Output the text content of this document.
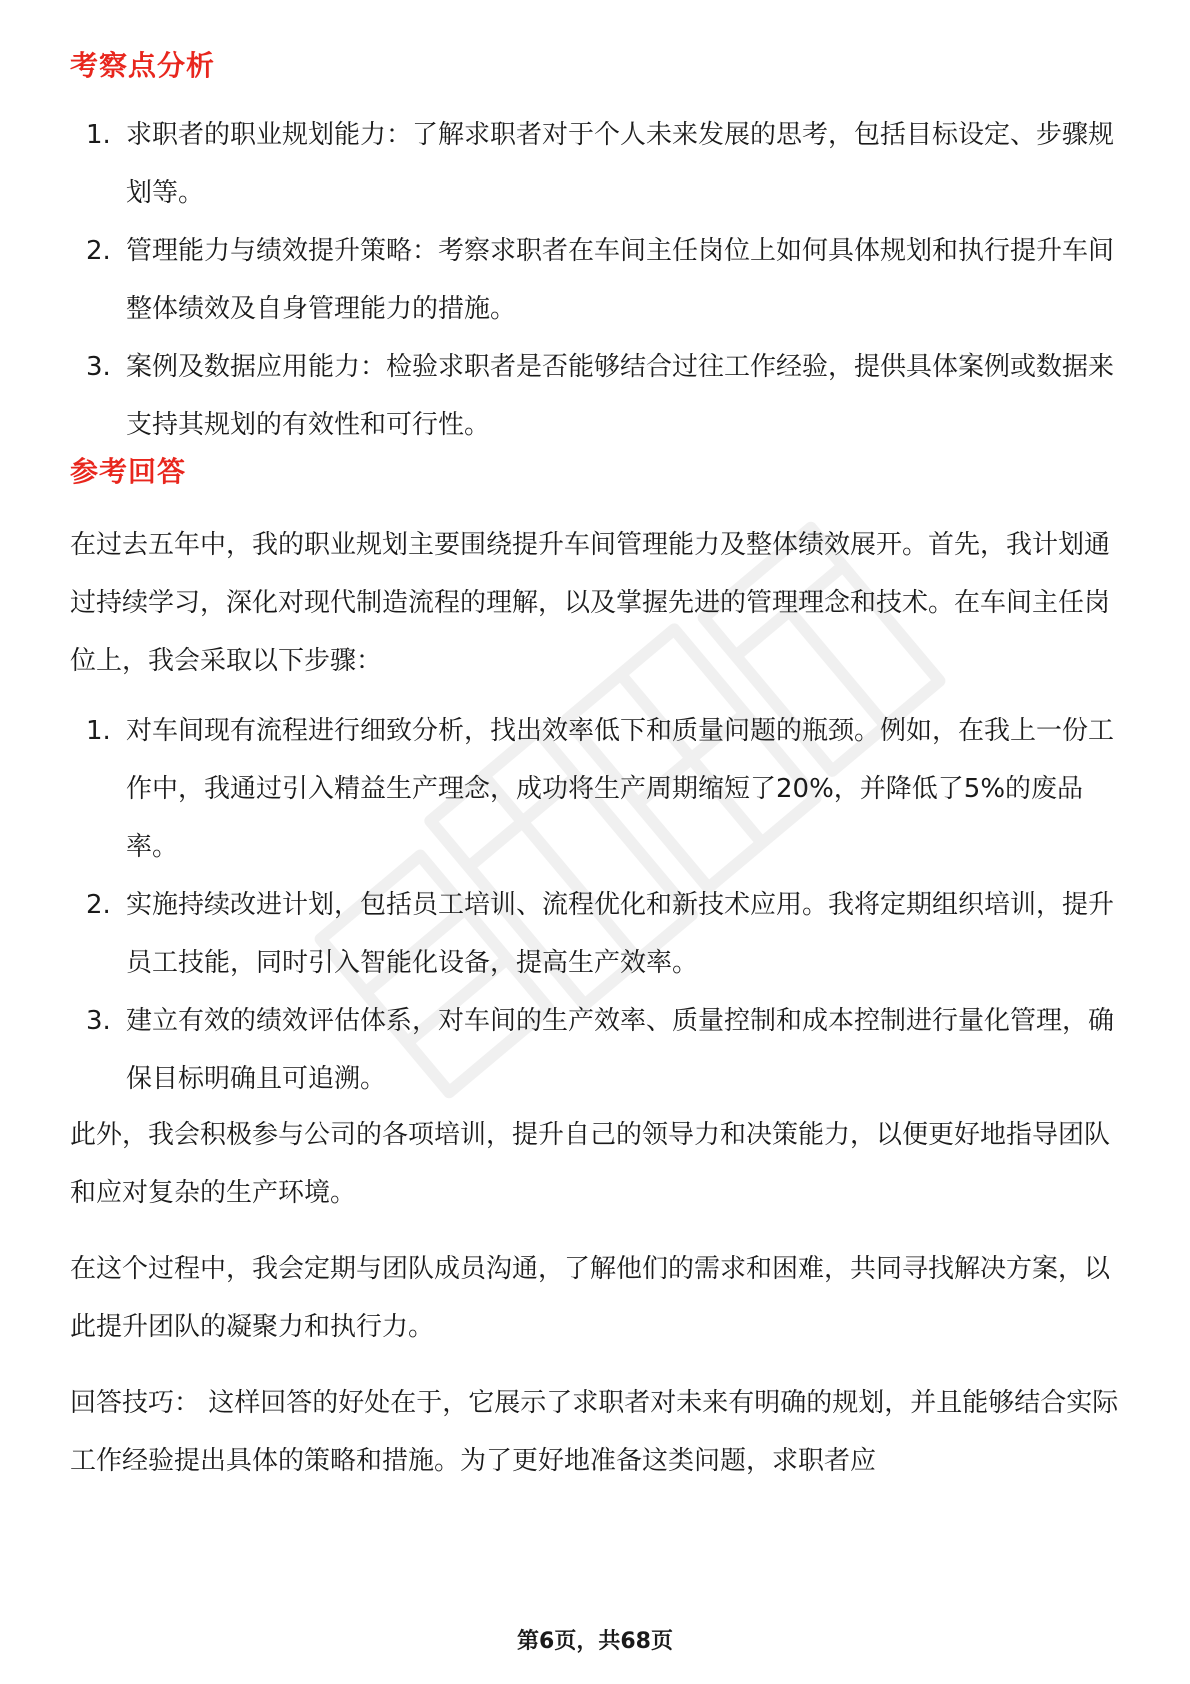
考察点分析
1. 求职者的职业规划能力：了解求职者对于个人未来发展的思考，包括目标设定、步骤规划等。
2. 管理能力与绩效提升策略：考察求职者在车间主任岗位上如何具体规划和执行提升车间整体绩效及自身管理能力的措施。
3. 案例及数据应用能力：检验求职者是否能够结合过往工作经验，提供具体案例或数据来支持其规划的有效性和可行性。
参考回答

在过去五年中，我的职业规划主要围绕提升车间管理能力及整体绩效展开。首先，我计划通过持续学习，深化对现代制造流程的理解，以及掌握先进的管理理念和技术。在车间主任岗位上，我会采取以下步骤：

1. 对车间现有流程进行细致分析，找出效率低下和质量问题的瓶颈。例如，在我上一份工作中，我通过引入精益生产理念，成功将生产周期缩短了20%，并降低了5%的废品率。
2. 实施持续改进计划，包括员工培训、流程优化和新技术应用。我将定期组织培训，提升员工技能，同时引入智能化设备，提高生产效率。
3. 建立有效的绩效评估体系，对车间的生产效率、质量控制和成本控制进行量化管理，确保目标明确且可追溯。

此外，我会积极参与公司的各项培训，提升自己的领导力和决策能力，以便更好地指导团队和应对复杂的生产环境。

在这个过程中，我会定期与团队成员沟通，了解他们的需求和困难，共同寻找解决方案，以此提升团队的凝聚力和执行力。

回答技巧： 这样回答的好处在于，它展示了求职者对未来有明确的规划，并且能够结合实际工作经验提出具体的策略和措施。为了更好地准备这类问题，求职者应

第6页，共68页
